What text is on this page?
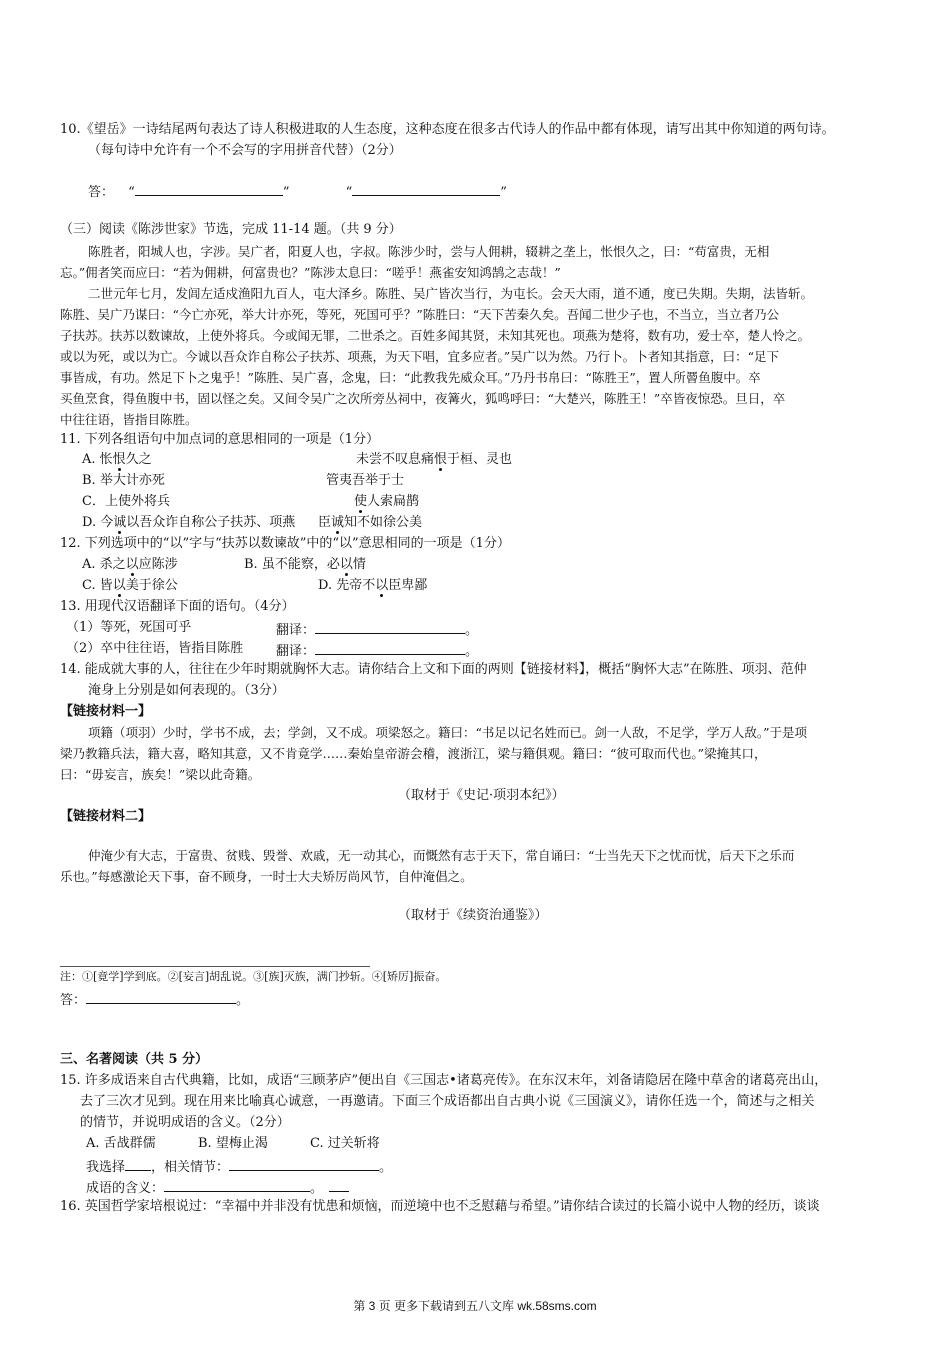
10.《望岳》一诗结尾两句表达了诗人积极进取的人生态度，这种态度在很多古代诗人的作品中都有体现，请写出其中你知道的两句诗。
（每句诗中允许有一个不会写的字用拼音代替）（2分）
答： “	”	“	”
（三）阅读《陈涉世家》节选，完成 11-14 题。（共 9 分）
陈胜者，阳城人也，字涉。吴广者，阳夏人也，字叔。陈涉少时，尝与人佣耕，辍耕之垄上，怅恨久之，曰：“苟富贵，无相
忘。”佣者笑而应曰：“若为佣耕，何富贵也？”陈涉太息曰：“嗟乎！燕雀安知鸿鹄之志哉！”
二世元年七月，发闾左适戍渔阳九百人，屯大泽乡。陈胜、吴广皆次当行，为屯长。会天大雨，道不通，度已失期。失期，法皆斩。
陈胜、吴广乃谋曰：“今亡亦死，举大计亦死，等死，死国可乎？”陈胜曰：“天下苦秦久矣。吾闻二世少子也，不当立，当立者乃公
子扶苏。扶苏以数谏故，上使外将兵。今或闻无罪，二世杀之。百姓多闻其贤，未知其死也。项燕为楚将，数有功，爱士卒，楚人怜之。
或以为死，或以为亡。今诚以吾众诈自称公子扶苏、项燕，为天下唱，宜多应者。”吴广以为然。乃行卜。卜者知其指意，曰：“足下
事皆成，有功。然足下卜之鬼乎！”陈胜、吴广喜，念鬼，曰：“此教我先威众耳。”乃丹书帛曰：“陈胜王”，置人所罾鱼腹中。卒
买鱼烹食，得鱼腹中书，固以怪之矣。又间令吴广之次所旁丛祠中，夜篝火，狐鸣呼曰：“大楚兴，陈胜王！”卒皆夜惊恐。旦日，卒
中往往语，皆指目陈胜。
11. 下列各组语句中加点词的意思相同的一项是（1分）
A. 怅恨久之	未尝不叹息痛恨于桓、灵也
B. 举大计亦死	管夷吾举于士
C．上使外将兵	使人索扁鹊
D. 今诚以吾众诈自称公子扶苏、项燕 臣诚知不如徐公美
12. 下列选项中的“以”字与“扶苏以数谏故”中的“以”意思相同的一项是（1分）
A. 杀之以应陈涉	B. 虽不能察，必以情
C. 皆以美于徐公	D. 先帝不以臣卑鄙
13. 用现代汉语翻译下面的语句。（4分）
（1）等死，死国可乎	翻译：	。
（2）卒中往往语，皆指目陈胜	翻译：	。
14. 能成就大事的人，往往在少年时期就胸怀大志。请你结合上文和下面的两则【链接材料】，概括“胸怀大志”在陈胜、项羽、范仲
淹身上分别是如何表现的。（3分）
【链接材料一】
项籍（项羽）少时，学书不成，去；学剑，又不成。项梁怒之。籍曰：“书足以记名姓而已。剑一人敌，不足学，学万人敌。”于是项
梁乃教籍兵法，籍大喜，略知其意，又不肯竟学……秦始皇帝游会稽，渡浙江，梁与籍俱观。籍曰：“彼可取而代也。”梁掩其口，
曰：“毋妄言，族矣！”梁以此奇籍。
（取材于《史记·项羽本纪》）
【链接材料二】
仲淹少有大志，于富贵、贫贱、毁誉、欢戚，无一动其心，而慨然有志于天下，常自诵曰：“士当先天下之忧而忧，后天下之乐而
乐也。”每感激论天下事，奋不顾身，一时士大夫矫厉尚风节，自仲淹倡之。
（取材于《续资治通鉴》）
注：①[竟学]学到底。②[妄言]胡乱说。③[族]灭族，满门抄斩。④[矫厉]振奋。
答：	。
三、名著阅读（共 5 分）
15. 许多成语来自古代典籍，比如，成语“三顾茅庐”便出自《三国志•诸葛亮传》。在东汉末年，刘备请隐居在隆中草舍的诸葛亮出山，
去了三次才见到。现在用来比喻真心诚意，一再邀请。下面三个成语都出自古典小说《三国演义》，请你任选一个，简述与之相关
的情节，并说明成语的含义。（2分）
A. 舌战群儒	B. 望梅止渴	C. 过关斩将
我选择 ，相关情节：	。
成语的含义：	。
16. 英国哲学家培根说过：“幸福中并非没有忧患和烦恼，而逆境中也不乏慰藉与希望。”请你结合读过的长篇小说中人物的经历，谈谈
第 3 页 更多下载请到五八文库 wk.58sms.com
